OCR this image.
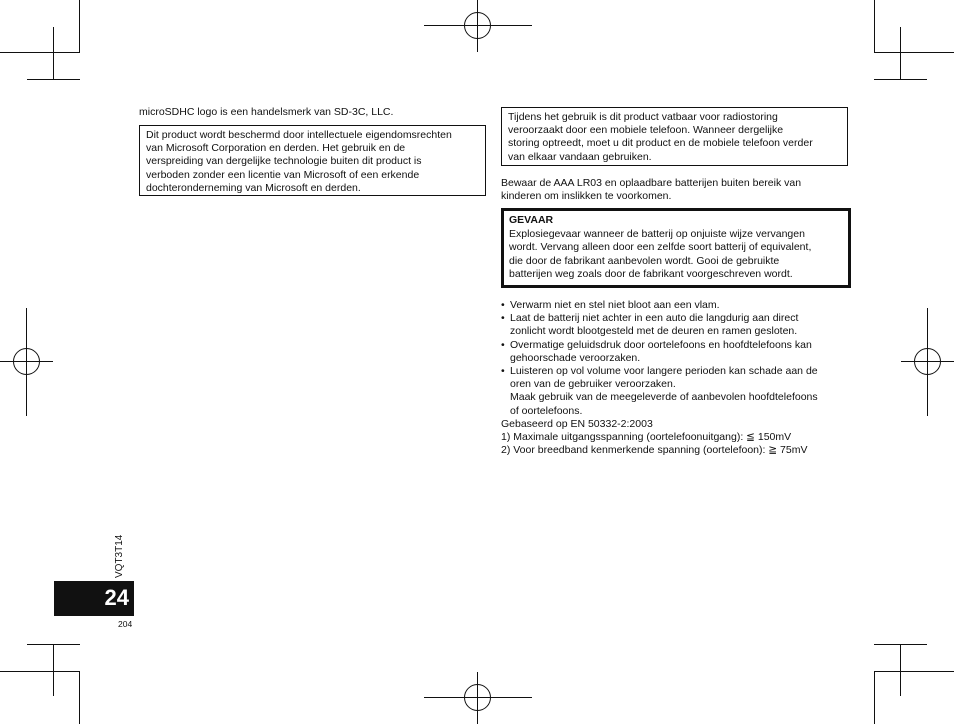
microSDHC logo is een handelsmerk van SD-3C, LLC.

Dit product wordt beschermd door intellectuele eigendomsrechten

van Microsoft Corporation en derden. Het gebruik en de

verspreiding van dergelijke technologie buiten dit product is

verboden zonder een licentie van Microsoft of een erkende

dochteronderneming van Microsoft en derden.

Tijdens het gebruik is dit product vatbaar voor radiostoring

veroorzaakt door een mobiele telefoon. Wanneer dergelijke

storing optreedt, moet u dit product en de mobiele telefoon verder

van elkaar vandaan gebruiken.

Bewaar de AAA LR03 en oplaadbare batterijen buiten bereik van
kinderen om inslikken te voorkomen.
GEVAAR
Explosiegevaar wanneer de batterij op onjuiste wijze vervangen
wordt. Vervang alleen door een zelfde soort batterij of equivalent,
die door de fabrikant aanbevolen wordt. Gooi de gebruikte
batterijen weg zoals door de fabrikant voorgeschreven wordt.
• Verwarm niet en stel niet bloot aan een vlam.
• Laat de batterij niet achter in een auto die langdurig aan direct
zonlicht wordt blootgesteld met de deuren en ramen gesloten.
• Overmatige geluidsdruk door oortelefoons en hoofdtelefoons kan
gehoorschade veroorzaken.
• Luisteren op vol volume voor langere perioden kan schade aan de
oren van de gebruiker veroorzaken.
Maak gebruik van de meegeleverde of aanbevolen hoofdtelefoons
of oortelefoons.
Gebaseerd op EN 50332-2:2003
1) Maximale uitgangsspanning (oortelefoonuitgang): ≦ 150mV
2) Voor breedband kenmerkende spanning (oortelefoon): ≧ 75mV
VQT3T14
24
204
